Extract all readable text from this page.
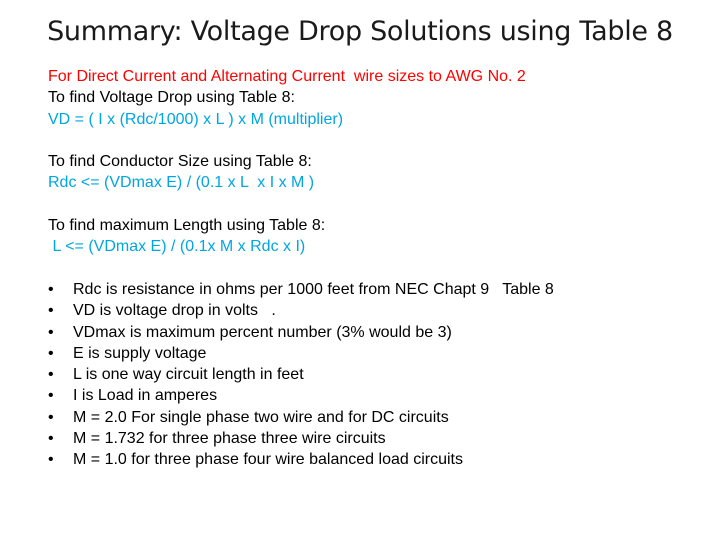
Summary: Voltage Drop Solutions using Table 8
For Direct Current and Alternating Current  wire sizes to AWG No. 2
To find Voltage Drop using Table 8:
VD = ( I x (Rdc/1000) x L ) x M (multiplier)
To find Conductor Size using Table 8:
Rdc <= (VDmax E) / (0.1 x L  x I x M )
To find maximum Length using Table 8:
L <= (VDmax E) / (0.1x M x Rdc x I)
• Rdc is resistance in ohms per 1000 feet from NEC Chapt 9   Table 8
• VD is voltage drop in volts   .
• VDmax is maximum percent number (3% would be 3)
• E is supply voltage
• L is one way circuit length in feet
• I is Load in amperes
• M = 2.0 For single phase two wire and for DC circuits
• M = 1.732 for three phase three wire circuits
• M = 1.0 for three phase four wire balanced load circuits
